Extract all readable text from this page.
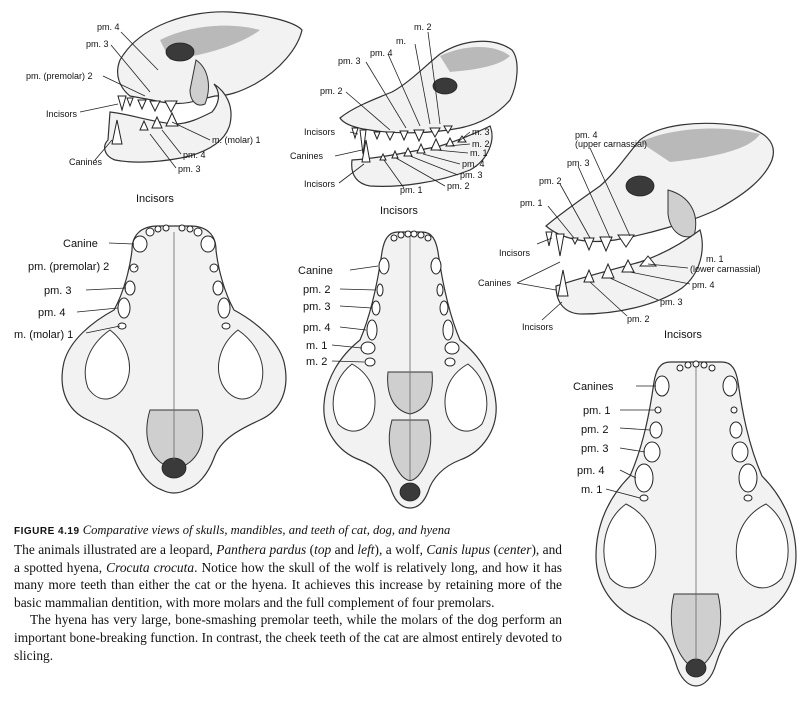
pm. 4
pm. 3
pm. (premolar) 2
Incisors
Canines
m. (molar) 1
pm. 4
pm. 3
m. 2
m.
pm. 4
pm. 3
pm. 2
Incisors
Canines
Incisors
m. 3
m. 2
m. 1
pm. 4
pm. 3
pm. 2
pm. 1
pm. 4
(upper carnassial)
pm. 3
pm. 2
pm. 1
Incisors
Canines
Incisors
m. 1
(lower carnassial)
pm. 4
pm. 3
pm. 2
Incisors
Canine
pm. (premolar) 2
pm. 3
pm. 4
m. (molar) 1
Incisors
Canine
pm. 2
pm. 3
pm. 4
m. 1
m. 2
Incisors
Canines
pm. 1
pm. 2
pm. 3
pm. 4
m. 1
FIGURE 4.19 Comparative views of skulls, mandibles, and teeth of cat, dog, and hyena

The animals illustrated are a leopard, Panthera pardus (top and left), a wolf, Canis lupus (center), and a spotted hyena, Crocuta crocuta. Notice how the skull of the wolf is relatively long, and how it has many more teeth than either the cat or the hyena. It achieves this increase by retaining more of the basic mammalian dentition, with more molars and the full complement of four premolars.

The hyena has very large, bone-smashing premolar teeth, while the molars of the dog perform an important bone-breaking function. In contrast, the cheek teeth of the cat are almost entirely devoted to slicing.
